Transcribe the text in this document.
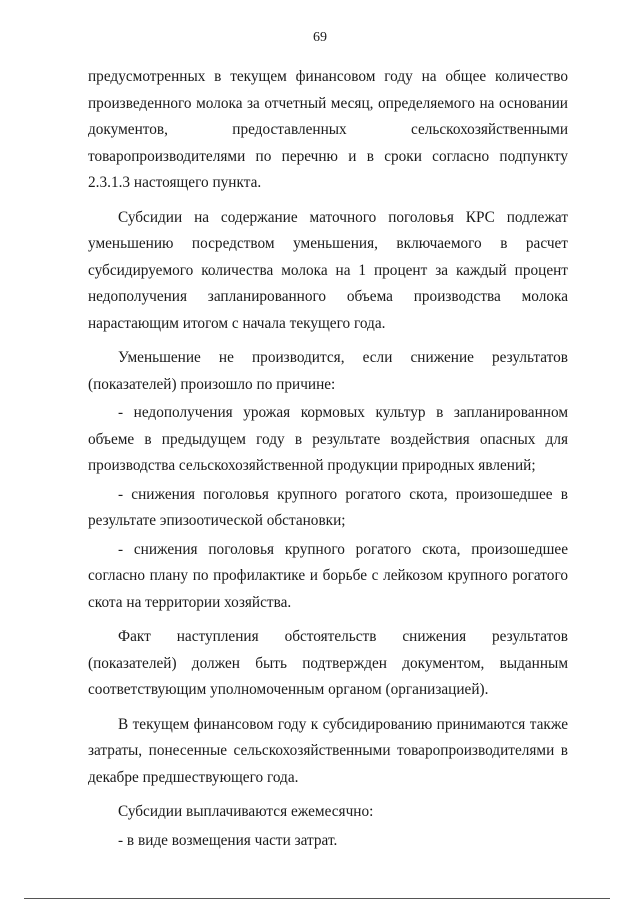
69

предусмотренных в текущем финансовом году на общее количество произведенного молока за отчетный месяц, определяемого на основании документов, предоставленных сельскохозяйственными товаропроизводителями по перечню и в сроки согласно подпункту 2.3.1.3 настоящего пункта.

Субсидии на содержание маточного поголовья КРС подлежат уменьшению посредством уменьшения, включаемого в расчет субсидируемого количества молока на 1 процент за каждый процент недополучения запланированного объема производства молока нарастающим итогом с начала текущего года.

Уменьшение не производится, если снижение результатов (показателей) произошло по причине:

- недополучения урожая кормовых культур в запланированном объеме в предыдущем году в результате воздействия опасных для производства сельскохозяйственной продукции природных явлений;

- снижения поголовья крупного рогатого скота, произошедшее в результате эпизоотической обстановки;

- снижения поголовья крупного рогатого скота, произошедшее согласно плану по профилактике и борьбе с лейкозом крупного рогатого скота на территории хозяйства.

Факт наступления обстоятельств снижения результатов (показателей) должен быть подтвержден документом, выданным соответствующим уполномоченным органом (организацией).

В текущем финансовом году к субсидированию принимаются также затраты, понесенные сельскохозяйственными товаропроизводителями в декабре предшествующего года.

Субсидии выплачиваются ежемесячно:

- в виде возмещения части затрат.
